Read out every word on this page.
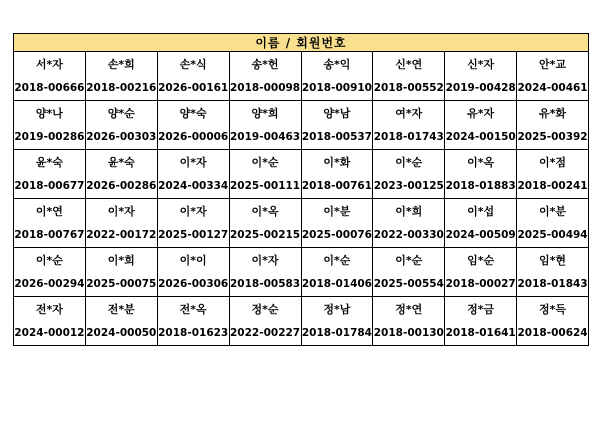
이름 / 회원번호							
서*자	손*희	손*식	송*헌	송*익	신*연	신*자	안*교
2018-00666	2018-00216	2026-00161	2018-00098	2018-00910	2018-00552	2019-00428	2024-00461
양*나	양*순	양*숙	양*희	양*남	여*자	유*자	유*화
2019-00286	2026-00303	2026-00006	2019-00463	2018-00537	2018-01743	2024-00150	2025-00392
윤*숙	윤*숙	이*자	이*순	이*화	이*순	이*옥	이*점
2018-00677	2026-00286	2024-00334	2025-00111	2018-00761	2023-00125	2018-01883	2018-00241
이*연	이*자	이*자	이*옥	이*분	이*희	이*섭	이*분
2018-00767	2022-00172	2025-00127	2025-00215	2025-00076	2022-00330	2024-00509	2025-00494
이*순	이*희	이*이	이*자	이*순	이*순	임*순	임*현
2026-00294	2025-00075	2026-00306	2018-00583	2018-01406	2025-00554	2018-00027	2018-01843
전*자	전*분	전*옥	정*순	정*남	정*연	정*금	정*득
2024-00012	2024-00050	2018-01623	2022-00227	2018-01784	2018-00130	2018-01641	2018-00624
